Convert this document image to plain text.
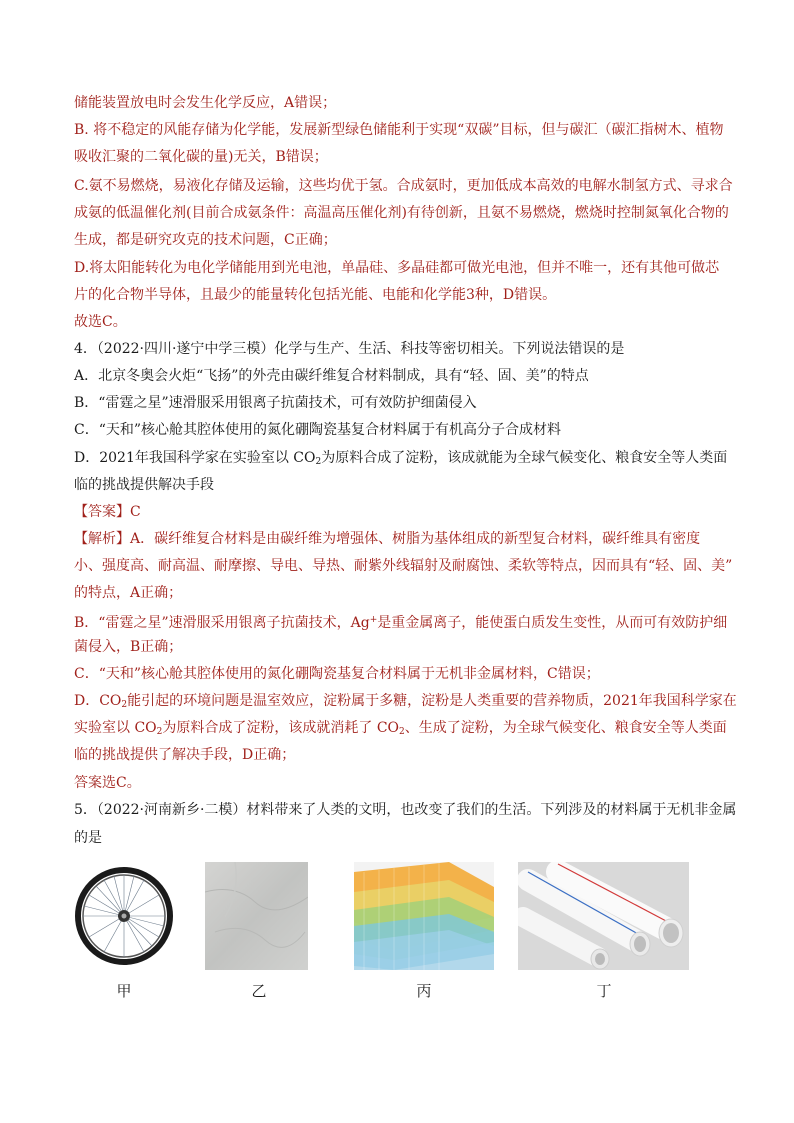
储能装置放电时会发生化学反应，A错误；
B. 将不稳定的风能存储为化学能，发展新型绿色储能利于实现“双碳”目标，但与碳汇（碳汇指树木、植物
吸收汇聚的二氧化碳的量)无关，B错误；
C.氨不易燃烧，易液化存储及运输，这些均优于氢。合成氨时，更加低成本高效的电解水制氢方式、寻求合
成氨的低温催化剂(目前合成氨条件：高温高压催化剂)有待创新，且氨不易燃烧，燃烧时控制氮氧化合物的
生成，都是研究攻克的技术问题，C正确；
D.将太阳能转化为电化学储能用到光电池，单晶硅、多晶硅都可做光电池，但并不唯一，还有其他可做芯
片的化合物半导体，且最少的能量转化包括光能、电能和化学能3种，D错误。
故选C。
4．（2022·四川·遂宁中学三模）化学与生产、生活、科技等密切相关。下列说法错误的是
A．北京冬奥会火炬“飞扬”的外壳由碳纤维复合材料制成，具有“轻、固、美”的特点
B．“雷霆之星”速滑服采用银离子抗菌技术，可有效防护细菌侵入
C．“天和”核心舱其腔体使用的氮化硼陶瓷基复合材料属于有机高分子合成材料
D．2021年我国科学家在实验室以 $CO_2$为原料合成了淀粉，该成就能为全球气候变化、粮食安全等人类面
临的挑战提供解决手段
【答案】C
【解析】A．碳纤维复合材料是由碳纤维为增强体、树脂为基体组成的新型复合材料，碳纤维具有密度
小、强度高、耐高温、耐摩擦、导电、导热、耐紫外线辐射及耐腐蚀、柔软等特点，因而具有“轻、固、美”
的特点，A正确；
B．“雷霆之星”速滑服采用银离子抗菌技术，Ag+是重金属离子，能使蛋白质发生变性，从而可有效防护细
菌侵入，B正确；
C．“天和”核心舱其腔体使用的氮化硼陶瓷基复合材料属于无机非金属材料，C错误；
D．$CO_2$能引起的环境问题是温室效应，淀粉属于多糖，淀粉是人类重要的营养物质，2021年我国科学家在
实验室以 $CO_2$为原料合成了淀粉，该成就消耗了 $CO_2$、生成了淀粉，为全球气候变化、粮食安全等人类面
临的挑战提供了解决手段，D正确；
答案选C。
5．（2022·河南新乡·二模）材料带来了人类的文明，也改变了我们的生活。下列涉及的材料属于无机非金属
的是
甲	乙	丙	丁
